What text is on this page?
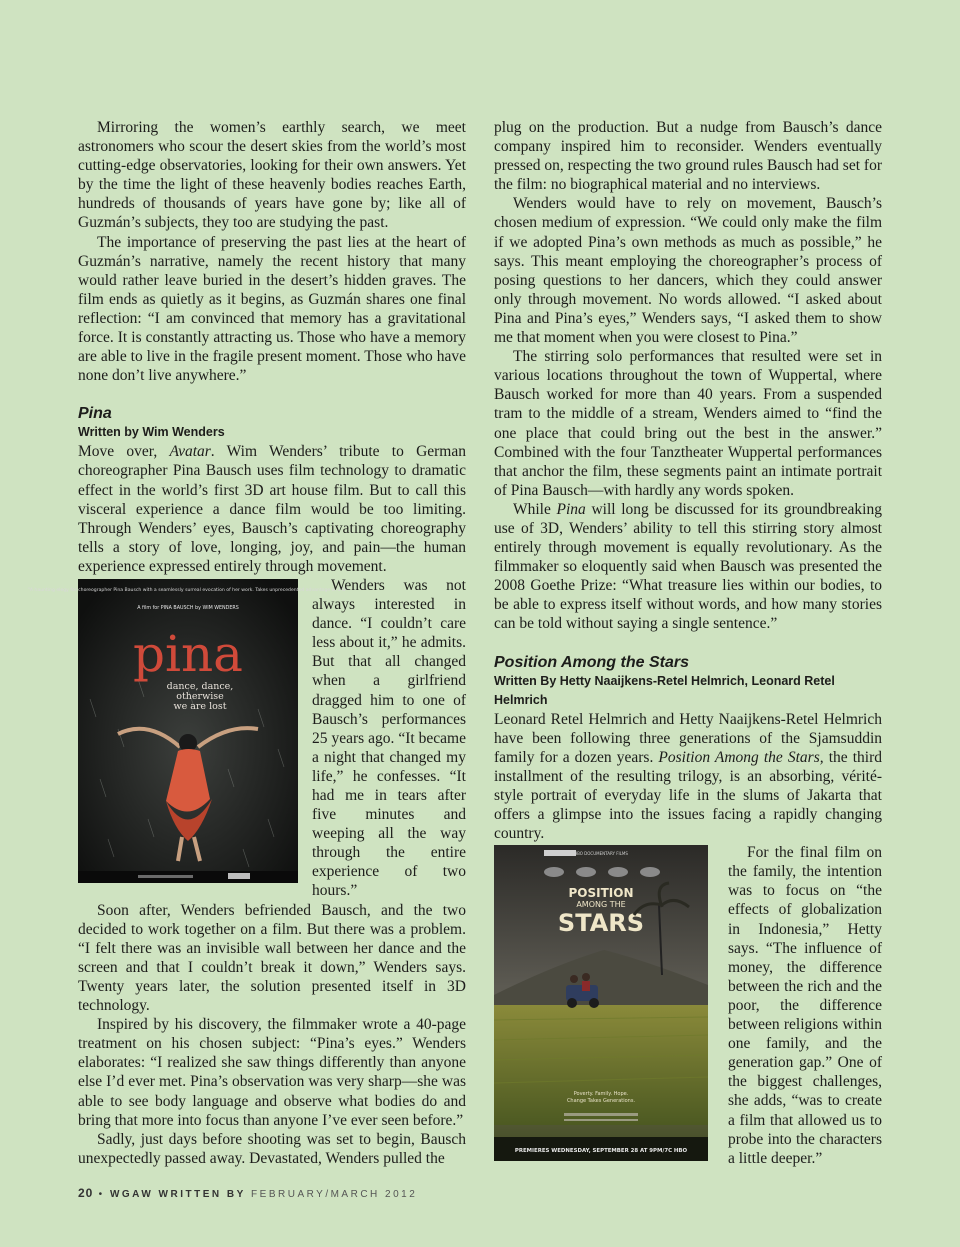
Mirroring the women’s earthly search, we meet astronomers who scour the desert skies from the world’s most cutting-edge observatories, looking for their own answers. Yet by the time the light of these heavenly bodies reaches Earth, hundreds of thousands of years have gone by; like all of Guzmán’s subjects, they too are studying the past.

The importance of preserving the past lies at the heart of Guzmán’s narrative, namely the recent history that many would rather leave buried in the desert’s hidden graves. The film ends as quietly as it begins, as Guzmán shares one final reflection: “I am convinced that memory has a gravitational force. It is constantly attracting us. Those who have a memory are able to live in the fragile present moment. Those who have none don’t live anywhere.”

Pina
Written by Wim Wenders

Move over, Avatar. Wim Wenders’ tribute to German choreographer Pina Bausch uses film technology to dramatic effect in the world’s first 3D art house film. But to call this visceral experience a dance film would be too limiting. Through Wenders’ eyes, Bausch’s captivating choreography tells a story of love, longing, joy, and pain—the human experience expressed entirely through movement.

“A haunting elegy for choreographer Pina Bausch with a seamlessly surreal evocation of her work. Takes unprecedented advantage of 3-D”
A film for PINA BAUSCH by WIM WENDERS
pina
dance, dance,
otherwise
we are lost

Wenders was not always interested in dance. “I couldn’t care less about it,” he admits. But that all changed when a girlfriend dragged him to one of Bausch’s performances 25 years ago. “It became a night that changed my life,” he confesses. “It had me in tears after five minutes and weeping all the way through the entire experience of two hours.”

Soon after, Wenders befriended Bausch, and the two decided to work together on a film. But there was a problem. “I felt there was an invisible wall between her dance and the screen and that I couldn’t break it down,” Wenders says. Twenty years later, the solution presented itself in 3D technology.

Inspired by his discovery, the filmmaker wrote a 40-page treatment on his chosen subject: “Pina’s eyes.” Wenders elaborates: “I realized she saw things differently than anyone else I’d ever met. Pina’s observation was very sharp—she was able to see body language and observe what bodies do and bring that more into focus than anyone I’ve ever seen before.”

Sadly, just days before shooting was set to begin, Bausch unexpectedly passed away. Devastated, Wenders pulled the

plug on the production. But a nudge from Bausch’s dance company inspired him to reconsider. Wenders eventually pressed on, respecting the two ground rules Bausch had set for the film: no biographical material and no interviews.

Wenders would have to rely on movement, Bausch’s chosen medium of expression. “We could only make the film if we adopted Pina’s own methods as much as possible,” he says. This meant employing the choreographer’s process of posing questions to her dancers, which they could answer only through movement. No words allowed. “I asked about Pina and Pina’s eyes,” Wenders says, “I asked them to show me that moment when you were closest to Pina.”

The stirring solo performances that resulted were set in various locations throughout the town of Wuppertal, where Bausch worked for more than 40 years. From a suspended tram to the middle of a stream, Wenders aimed to “find the one place that could bring out the best in the answer.” Combined with the four Tanztheater Wuppertal performances that anchor the film, these segments paint an intimate portrait of Pina Bausch—with hardly any words spoken.

While Pina will long be discussed for its groundbreaking use of 3D, Wenders’ ability to tell this stirring story almost entirely through movement is equally revolutionary. As the filmmaker so eloquently said when Bausch was presented the 2008 Goethe Prize: “What treasure lies within our bodies, to be able to express itself without words, and how many stories can be told without saying a single sentence.”

Position Among the Stars
Written By Hetty Naaijkens-Retel Helmrich, Leonard Retel Helmrich

Leonard Retel Helmrich and Hetty Naaijkens-Retel Helmrich have been following three generations of the Sjamsuddin family for a dozen years. Position Among the Stars, the third installment of the resulting trilogy, is an absorbing, vérité-style portrait of everyday life in the slums of Jakarta that offers a glimpse into the issues facing a rapidly changing country.

HBO DOCUMENTARY FILMS
POSITION
AMONG THE
STARS
Poverty. Family. Hope.
Change Takes Generations.
PREMIERES WEDNESDAY, SEPTEMBER 28 AT 9PM/7C HBO

For the final film on the family, the intention was to focus on “the effects of globalization in Indonesia,” Hetty says. “The influence of money, the difference between the rich and the poor, the difference between religions within one family, and the generation gap.” One of the biggest challenges, she adds, “was to create a film that allowed us to probe into the characters a little deeper.”

20 • WGAW WRITTEN BY FEBRUARY/MARCH 2012
